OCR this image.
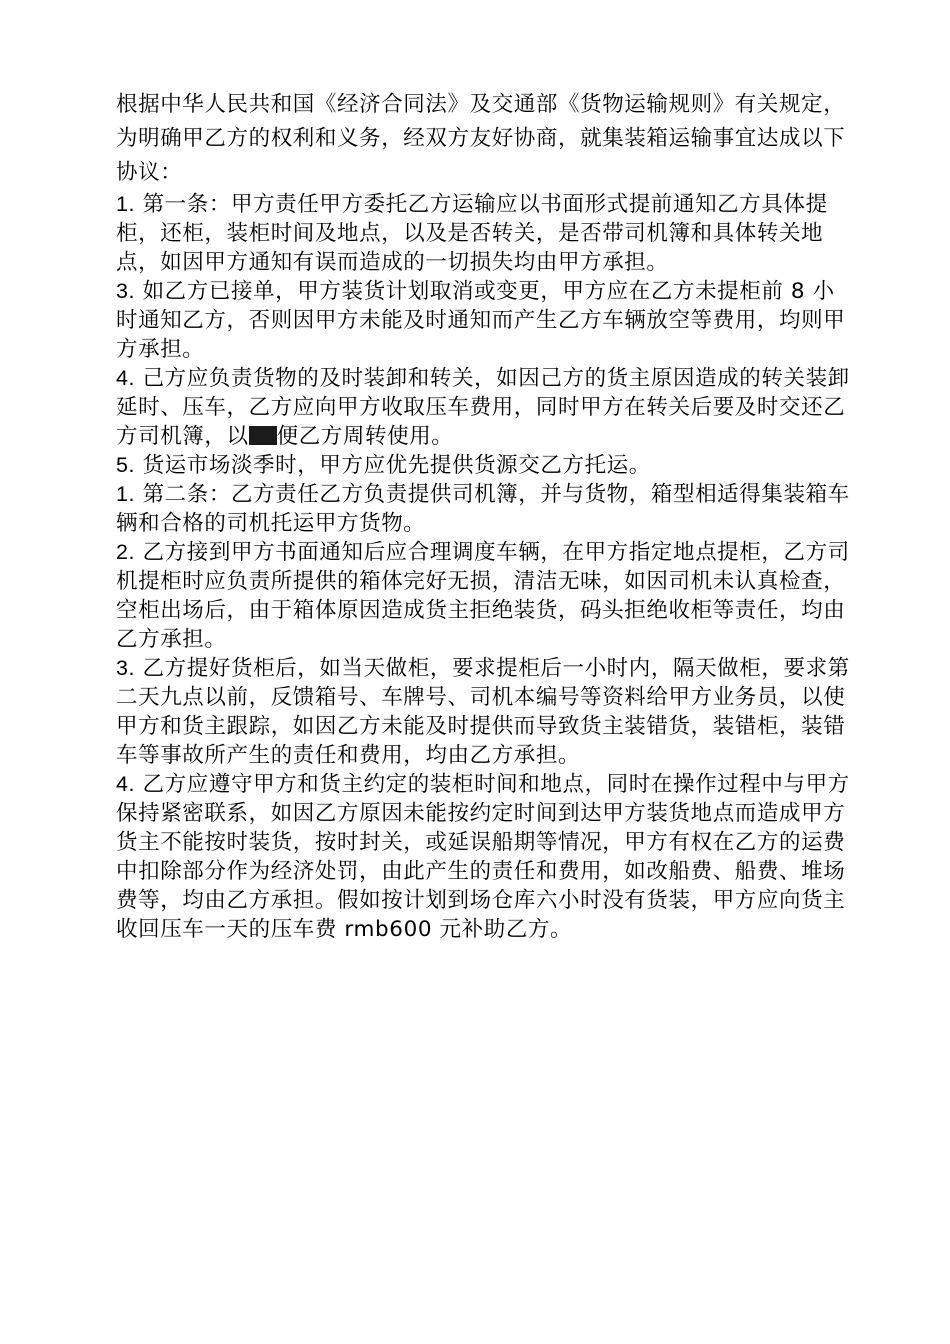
根据中华人民共和国《经济合同法》及交通部《货物运输规则》有关规定，为明确甲乙方的权利和义务，经双方友好协商，就集装箱运输事宜达成以下协议：

1. 第一条：甲方责任甲方委托乙方运输应以书面形式提前通知乙方具体提柜，还柜，装柜时间及地点，以及是否转关，是否带司机簿和具体转关地点，如因甲方通知有误而造成的一切损失均由甲方承担。

3. 如乙方已接单，甲方装货计划取消或变更，甲方应在乙方未提柜前 8 小时通知乙方，否则因甲方未能及时通知而产生乙方车辆放空等费用，均则甲方承担。

4. 己方应负责货物的及时装卸和转关，如因己方的货主原因造成的转关装卸延时、压车，乙方应向甲方收取压车费用，同时甲方在转关后要及时交还乙方司机簿，以 便乙方周转使用。

5. 货运市场淡季时，甲方应优先提供货源交乙方托运。

1. 第二条：乙方责任乙方负责提供司机簿，并与货物，箱型相适得集装箱车辆和合格的司机托运甲方货物。

2. 乙方接到甲方书面通知后应合理调度车辆，在甲方指定地点提柜，乙方司机提柜时应负责所提供的箱体完好无损，清洁无味，如因司机未认真检查，空柜出场后，由于箱体原因造成货主拒绝装货，码头拒绝收柜等责任，均由乙方承担。

3. 乙方提好货柜后，如当天做柜，要求提柜后一小时内，隔天做柜，要求第二天九点以前，反馈箱号、车牌号、司机本编号等资料给甲方业务员，以使甲方和货主跟踪，如因乙方未能及时提供而导致货主装错货，装错柜，装错车等事故所产生的责任和费用，均由乙方承担。

4. 乙方应遵守甲方和货主约定的装柜时间和地点，同时在操作过程中与甲方保持紧密联系，如因乙方原因未能按约定时间到达甲方装货地点而造成甲方货主不能按时装货，按时封关，或延误船期等情况，甲方有权在乙方的运费中扣除部分作为经济处罚，由此产生的责任和费用，如改船费、船费、堆场费等，均由乙方承担。假如按计划到场仓库六小时没有货装，甲方应向货主收回压车一天的压车费 rmb600 元补助乙方。
